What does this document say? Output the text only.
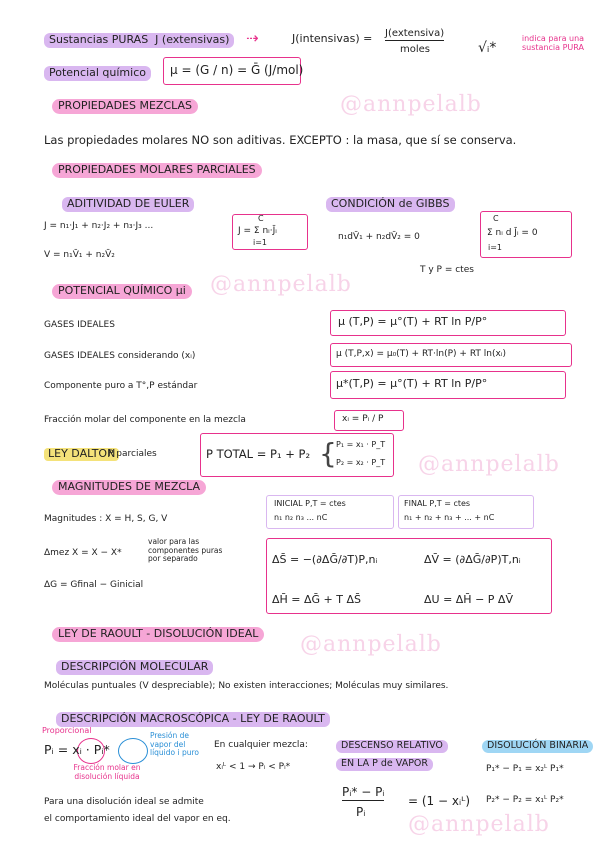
@annpelalb
@annpelalb
@annpelalb
@annpelalb
@annpelalb
Sustancias PURAS J (extensivas)	⇢	J(intensivas) = J(extensiva)
moles	√ᵢ*
indica para una sustancia PURA
Potencial químico	μ = (G / n) = Ḡ (J/mol)
PROPIEDADES MEZCLAS
Las propiedades molares NO son aditivas. EXCEPTO : la masa, que sí se conserva.
PROPIEDADES MOLARES PARCIALES
ADITIVIDAD DE EULER
J = n₁·J₁ + n₂·J₂ + n₃·J₃ ...
V = n₁V̄₁ + n₂V̄₂
C
J = Σ nᵢ·J̄ᵢ
i=1
CONDICIÓN de GIBBS
n₁dV̄₁ + n₂dV̄₂ = 0
T y P = ctes
C
Σ nᵢ d J̄ᵢ = 0
i=1
POTENCIAL QUÍMICO μi
GASES IDEALES	μ (T,P) = μ°(T) + RT ln P/P°
GASES IDEALES considerando (xᵢ)	μ (T,P,x) = μ₀(T) + RT·ln(P) + RT ln(xᵢ)
Componente puro a T°,P estándar	μ*(T,P) = μ°(T) + RT ln P/P°
Fracción molar del componente en la mezcla	xᵢ = Pᵢ / P
LEY DALTON
P parciales	P TOTAL = P₁ + P₂ { P₁ = x₁ · P_T
P₂ = x₂ · P_T
MAGNITUDES DE MEZCLA
INICIAL P,T = ctes
n₁ n₂ n₃ ... nC
FINAL P,T = ctes
n₁ + n₂ + n₃ + ... + nC
Magnitudes : X = H, S, G, V
Δmez X = X − X*
valor para las componentes puras por separado
ΔG = Gfinal − Ginicial
ΔS̄ = −(∂ΔḠ/∂T)P,nᵢ	ΔV̄ = (∂ΔḠ/∂P)T,nᵢ
ΔH̄ = ΔḠ + T ΔS̄	ΔU = ΔH̄ − P ΔV̄
LEY DE RAOULT - DISOLUCIÓN IDEAL
DESCRIPCIÓN MOLECULAR
Moléculas puntuales (V despreciable); No existen interacciones; Moléculas muy similares.
DESCRIPCIÓN MACROSCÓPICA - LEY DE RAOULT
Proporcional
Pᵢ = xᵢ · Pᵢ*
Fracción molar en disolución líquida
Presión de vapor del líquido i puro
En cualquier mezcla:
xᵢᴸ < 1 → Pᵢ < Pᵢ*
DESCENSO RELATIVO
EN LA P de VAPOR
Pᵢ* − Pᵢ
Pᵢ
= (1 − xᵢᴸ)
DISOLUCIÓN BINARIA
P₁* − P₁ = x₂ᴸ P₁*
P₂* − P₂ = x₁ᴸ P₂*
Para una disolución ideal se admite
el comportamiento ideal del vapor en eq.
